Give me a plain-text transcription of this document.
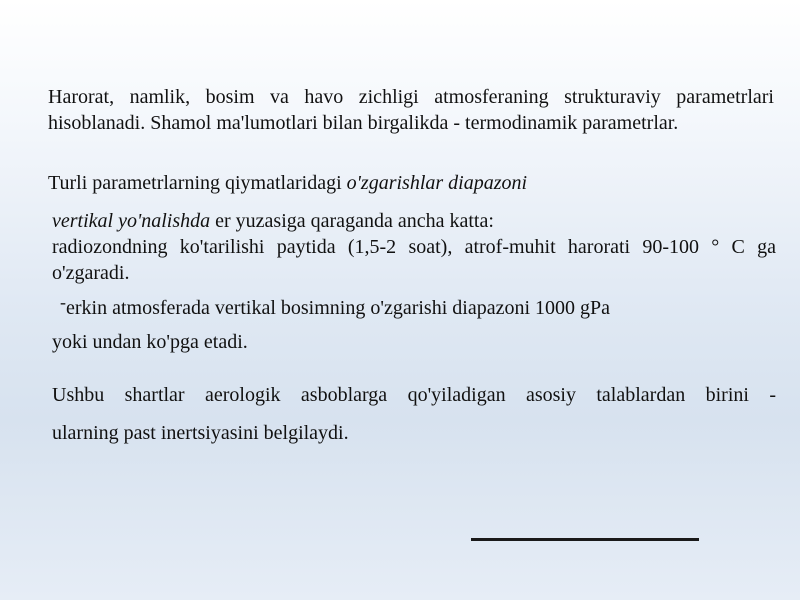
Harorat, namlik, bosim va havo zichligi atmosferaning strukturaviy parametrlari hisoblanadi. Shamol ma'lumotlari bilan birgalikda - termodinamik parametrlar.

Turli parametrlarning qiymatlaridagi o'zgarishlar diapazoni

vertikal yo'nalishda er yuzasiga qaraganda ancha katta:
radiozondning ko'tarilishi paytida (1,5-2 soat), atrof-muhit harorati 90-100 ° C ga o'zgaradi.

-erkin atmosferada vertikal bosimning o'zgarishi diapazoni 1000 gPa

yoki undan ko'pga etadi.

Ushbu shartlar aerologik asboblarga qo'yiladigan asosiy talablardan birini -

ularning past inertsiyasini belgilaydi.
